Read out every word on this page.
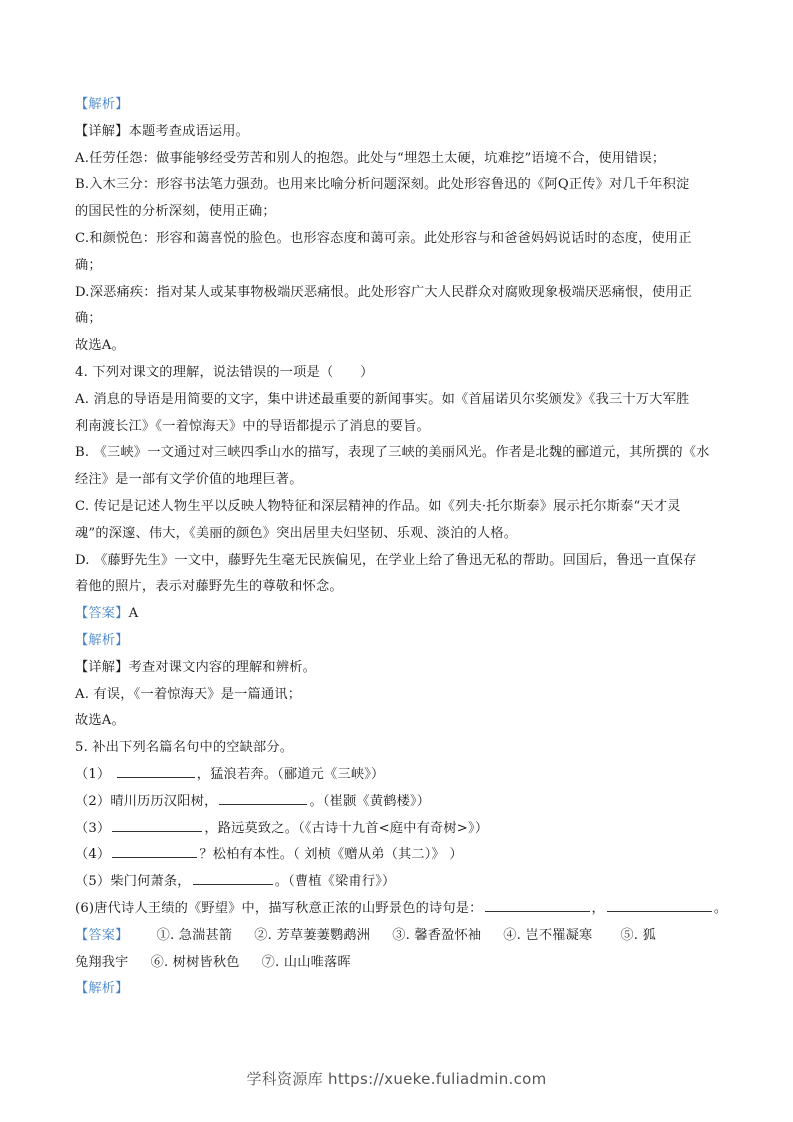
【解析】
【详解】本题考查成语运用。
A.任劳任怨：做事能够经受劳苦和别人的抱怨。此处与“埋怨土太硬，坑难挖”语境不合，使用错误；
B.入木三分：形容书法笔力强劲。也用来比喻分析问题深刻。此处形容鲁迅的《阿Q正传》对几千年积淀
的国民性的分析深刻，使用正确；
C.和颜悦色：形容和蔼喜悦的脸色。也形容态度和蔼可亲。此处形容与和爸爸妈妈说话时的态度，使用正
确；
D.深恶痛疾：指对某人或某事物极端厌恶痛恨。此处形容广大人民群众对腐败现象极端厌恶痛恨，使用正
确；
故选A。
4. 下列对课文的理解，说法错误的一项是（　　）
A. 消息的导语是用简要的文字，集中讲述最重要的新闻事实。如《首届诺贝尔奖颁发》《我三十万大军胜
利南渡长江》《一着惊海天》中的导语都提示了消息的要旨。
B. 《三峡》一文通过对三峡四季山水的描写，表现了三峡的美丽风光。作者是北魏的郦道元，其所撰的《水
经注》是一部有文学价值的地理巨著。
C. 传记是记述人物生平以反映人物特征和深层精神的作品。如《列夫·托尔斯泰》展示托尔斯泰“天才灵
魂”的深邃、伟大，《美丽的颜色》突出居里夫妇坚韧、乐观、淡泊的人格。
D. 《藤野先生》一文中，藤野先生毫无民族偏见，在学业上给了鲁迅无私的帮助。回国后，鲁迅一直保存
着他的照片，表示对藤野先生的尊敬和怀念。
【答案】A
【解析】
【详解】考查对课文内容的理解和辨析。
A. 有误，《一着惊海天》是一篇通讯；
故选A。
5. 补出下列名篇名句中的空缺部分。
（1）	，猛浪若奔。（郦道元《三峡》）
（2）晴川历历汉阳树，	。（崔颢《黄鹤楼》）
（3）	，路远莫致之。（《古诗十九首<庭中有奇树>》）
（4）	？松柏有本性。（ 刘桢《赠从弟（其二）》 ）
（5）柴门何萧条，	。（曹植《梁甫行》）
(6)唐代诗人王绩的《野望》中，描写秋意正浓的山野景色的诗句是：	，	。
【答案】 ①. 急湍甚箭 ②. 芳草萋萋鹦鹉洲 ③. 馨香盈怀袖 ④. 岂不罹凝寒 ⑤. 狐
兔翔我宇 ⑥. 树树皆秋色 ⑦. 山山唯落晖
【解析】
学科资源库 https://xueke.fuliadmin.com
